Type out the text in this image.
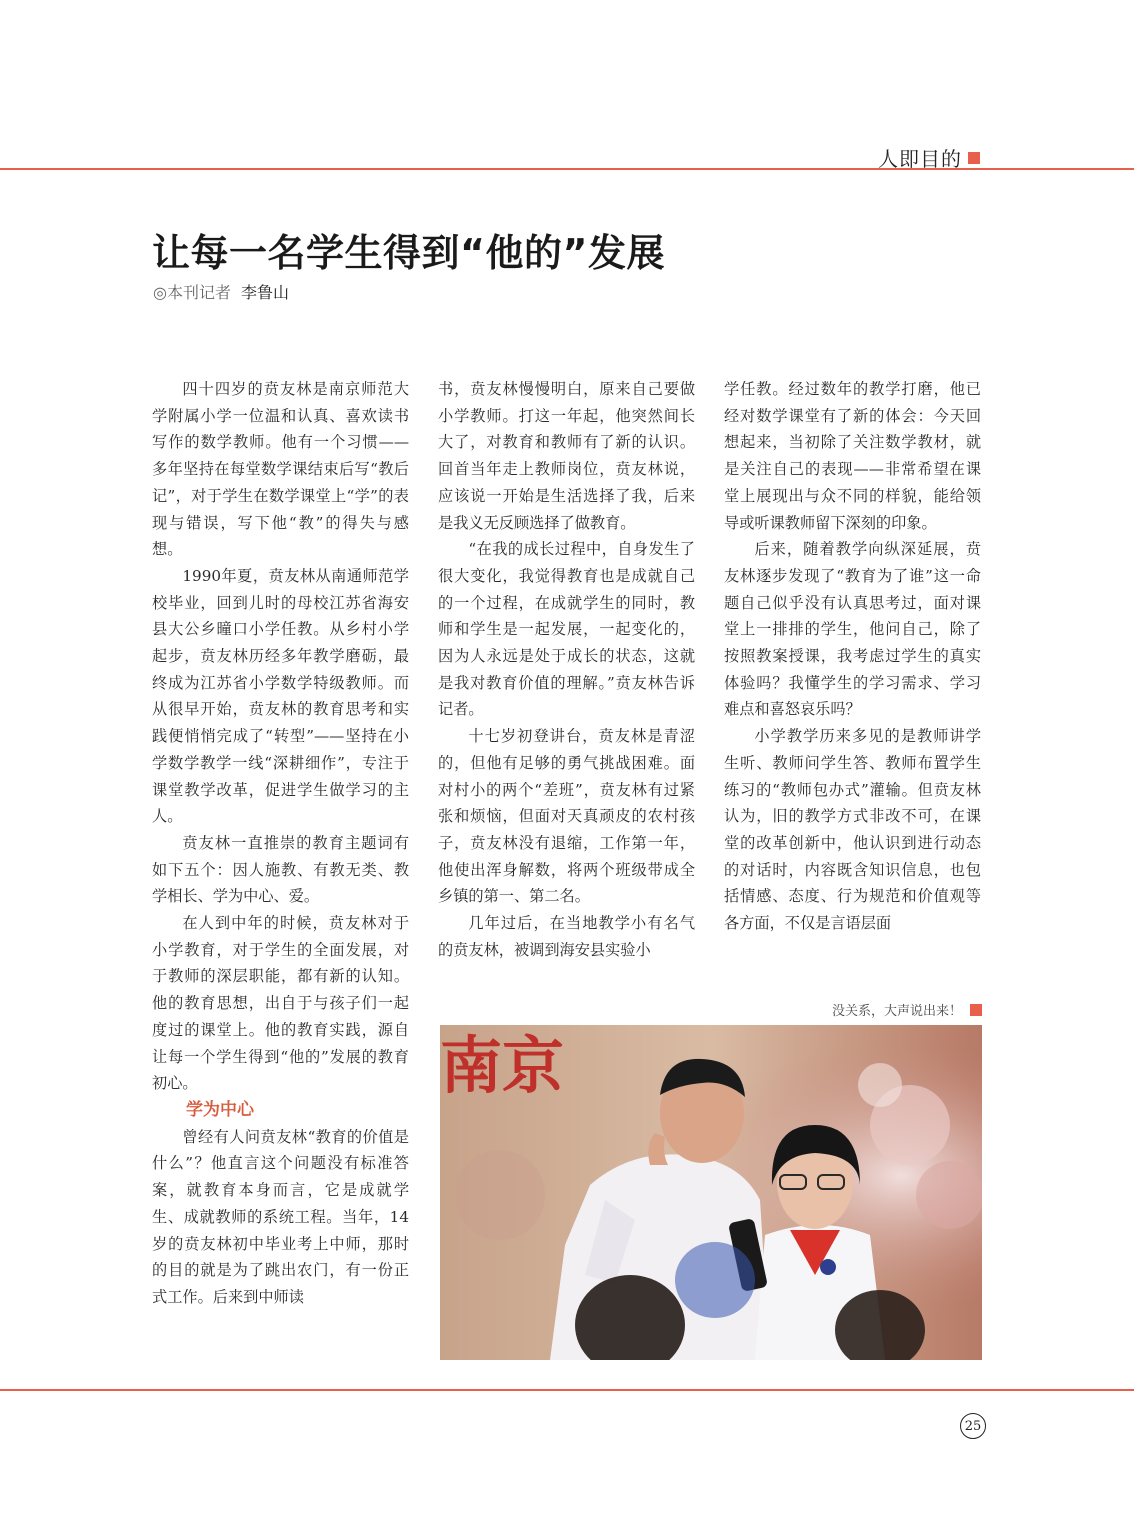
人即目的
让每一名学生得到“他的”发展
◎本刊记者 李鲁山

四十四岁的贲友林是南京师范大学附属小学一位温和认真、喜欢读书写作的数学教师。他有一个习惯——多年坚持在每堂数学课结束后写“教后记”，对于学生在数学课堂上“学”的表现与错误，写下他“教”的得失与感想。

1990年夏，贲友林从南通师范学校毕业，回到儿时的母校江苏省海安县大公乡曈口小学任教。从乡村小学起步，贲友林历经多年教学磨砺，最终成为江苏省小学数学特级教师。而从很早开始，贲友林的教育思考和实践便悄悄完成了“转型”——坚持在小学数学教学一线“深耕细作”，专注于课堂教学改革，促进学生做学习的主人。

贲友林一直推崇的教育主题词有如下五个：因人施教、有教无类、教学相长、学为中心、爱。

在人到中年的时候，贲友林对于小学教育，对于学生的全面发展，对于教师的深层职能，都有新的认知。他的教育思想，出自于与孩子们一起度过的课堂上。他的教育实践，源自让每一个学生得到“他的”发展的教育初心。

学为中心

曾经有人问贲友林“教育的价值是什么”？他直言这个问题没有标准答案，就教育本身而言，它是成就学生、成就教师的系统工程。当年，14岁的贲友林初中毕业考上中师，那时的目的就是为了跳出农门，有一份正式工作。后来到中师读

书，贲友林慢慢明白，原来自己要做小学教师。打这一年起，他突然间长大了，对教育和教师有了新的认识。回首当年走上教师岗位，贲友林说，应该说一开始是生活选择了我，后来是我义无反顾选择了做教育。

“在我的成长过程中，自身发生了很大变化，我觉得教育也是成就自己的一个过程，在成就学生的同时，教师和学生是一起发展，一起变化的，因为人永远是处于成长的状态，这就是我对教育价值的理解。”贲友林告诉记者。

十七岁初登讲台，贲友林是青涩的，但他有足够的勇气挑战困难。面对村小的两个“差班”，贲友林有过紧张和烦恼，但面对天真顽皮的农村孩子，贲友林没有退缩，工作第一年，他使出浑身解数，将两个班级带成全乡镇的第一、第二名。

几年过后，在当地教学小有名气的贲友林，被调到海安县实验小

学任教。经过数年的教学打磨，他已经对数学课堂有了新的体会：今天回想起来，当初除了关注数学教材，就是关注自己的表现——非常希望在课堂上展现出与众不同的样貌，能给领导或听课教师留下深刻的印象。

后来，随着教学向纵深延展，贲友林逐步发现了“教育为了谁”这一命题自己似乎没有认真思考过，面对课堂上一排排的学生，他问自己，除了按照教案授课，我考虑过学生的真实体验吗？我懂学生的学习需求、学习难点和喜怒哀乐吗？

小学教学历来多见的是教师讲学生听、教师问学生答、教师布置学生练习的“教师包办式”灌输。但贲友林认为，旧的教学方式非改不可，在课堂的改革创新中，他认识到进行动态的对话时，内容既含知识信息，也包括情感、态度、行为规范和价值观等各方面，不仅是言语层面

没关系，大声说出来！
南京
25
